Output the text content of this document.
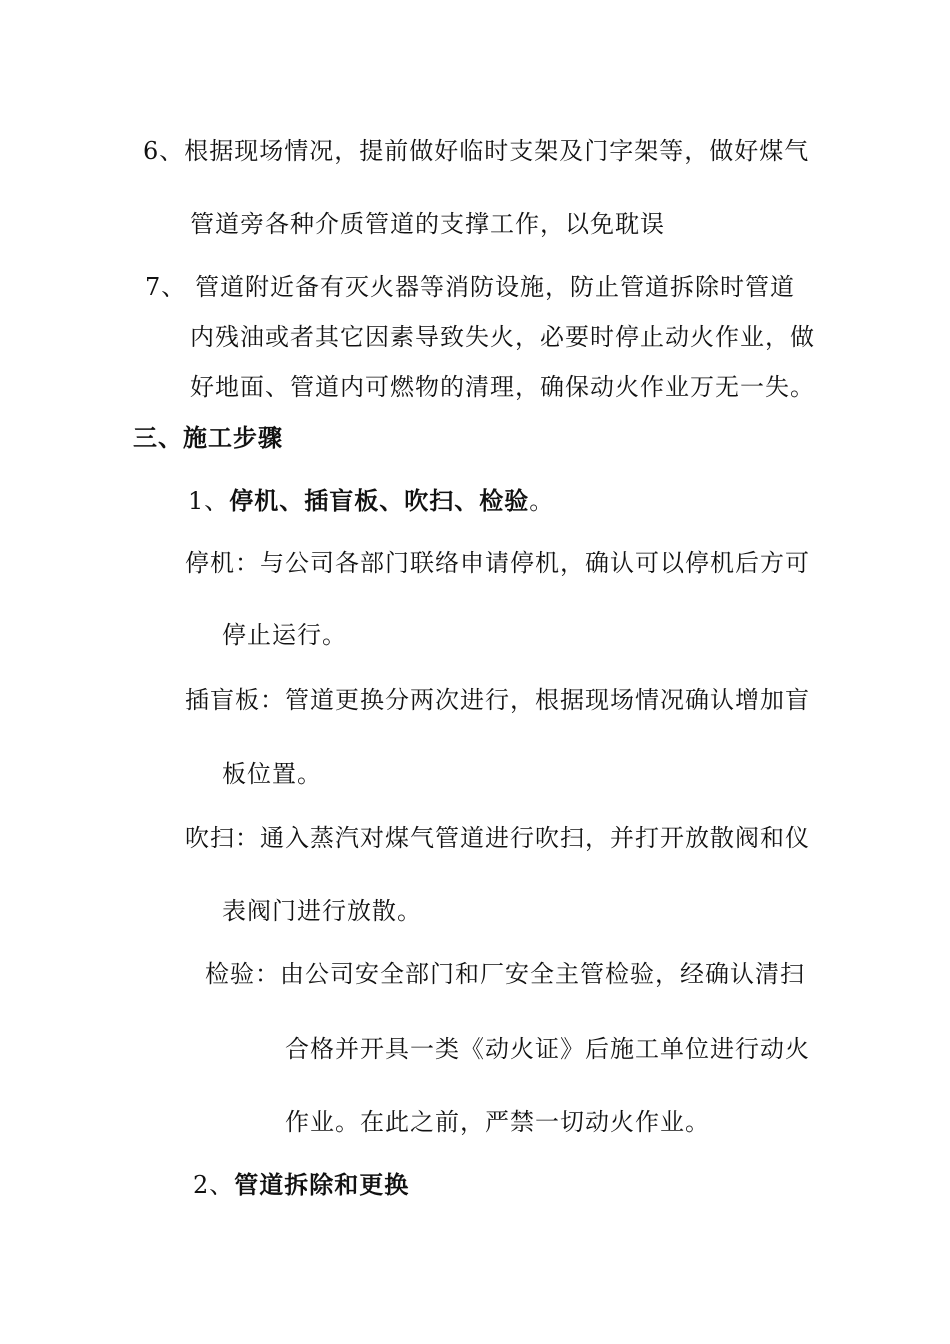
6、根据现场情况，提前做好临时支架及门字架等，做好煤气
管道旁各种介质管道的支撑工作，以免耽误
7、 管道附近备有灭火器等消防设施，防止管道拆除时管道
内残油或者其它因素导致失火，必要时停止动火作业，做
好地面、管道内可燃物的清理，确保动火作业万无一失。
三、施工步骤
1、停机、插盲板、吹扫、检验。
停机：与公司各部门联络申请停机，确认可以停机后方可
停止运行。
插盲板：管道更换分两次进行，根据现场情况确认增加盲
板位置。
吹扫：通入蒸汽对煤气管道进行吹扫，并打开放散阀和仪
表阀门进行放散。
检验：由公司安全部门和厂安全主管检验，经确认清扫
合格并开具一类《动火证》后施工单位进行动火
作业。在此之前，严禁一切动火作业。
2、管道拆除和更换
